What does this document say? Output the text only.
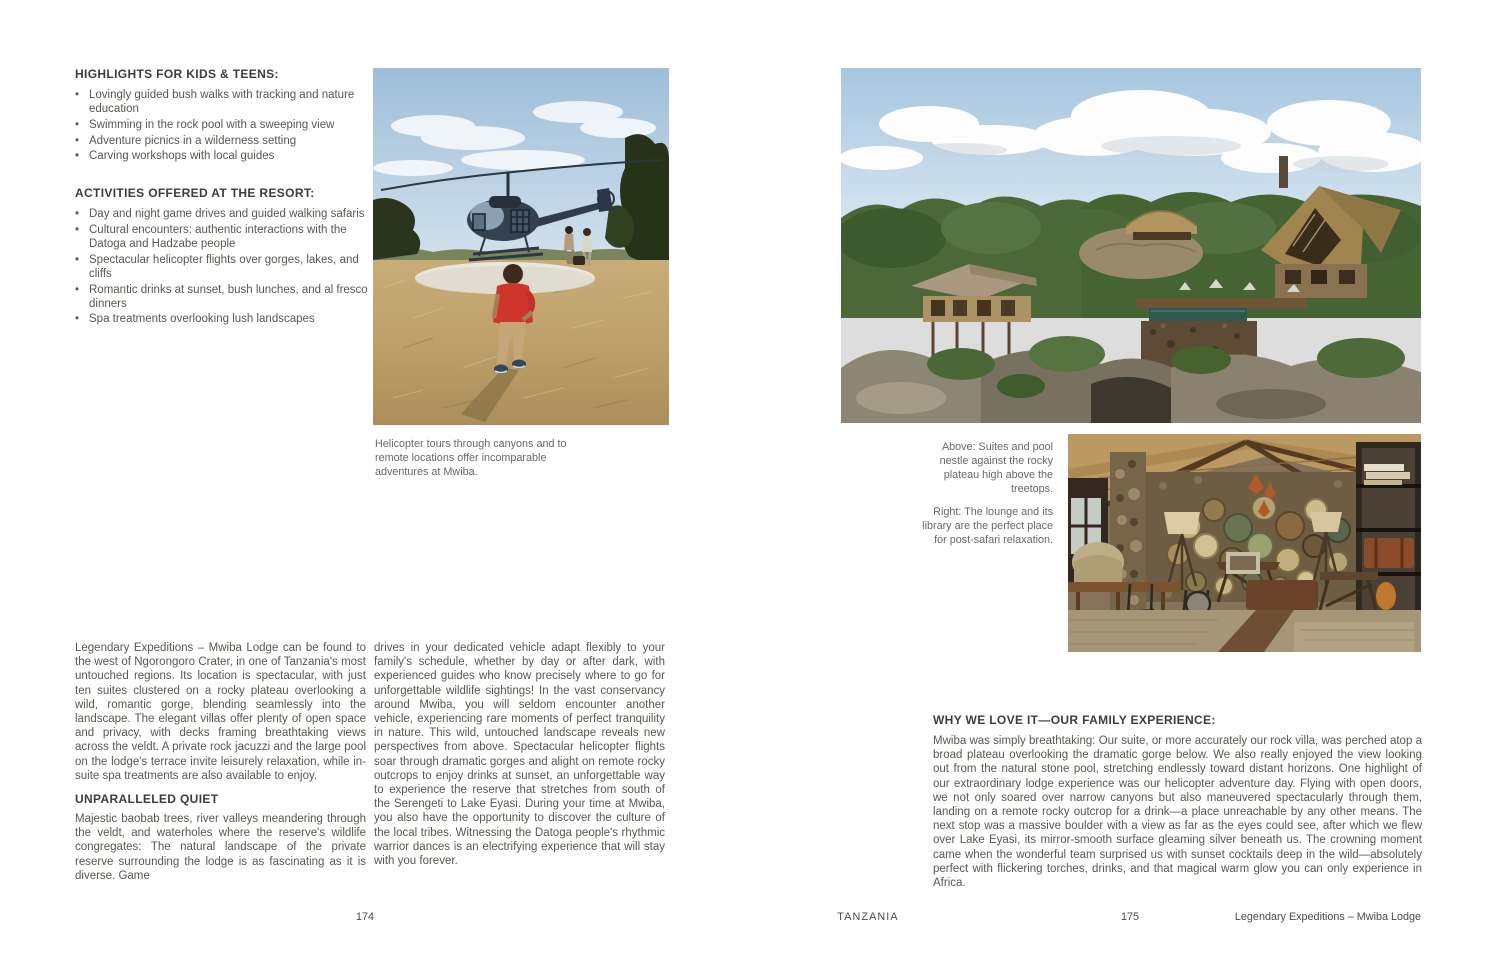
HIGHLIGHTS FOR KIDS & TEENS:
• Lovingly guided bush walks with tracking and nature education
• Swimming in the rock pool with a sweeping view
• Adventure picnics in a wilderness setting
• Carving workshops with local guides
ACTIVITIES OFFERED AT THE RESORT:
• Day and night game drives and guided walking safaris
• Cultural encounters: authentic interactions with the Datoga and Hadzabe people
• Spectacular helicopter flights over gorges, lakes, and cliffs
• Romantic drinks at sunset, bush lunches, and al fresco dinners
• Spa treatments overlooking lush landscapes
Helicopter tours through canyons and to remote locations offer incomparable adventures at Mwiba.

Legendary Expeditions – Mwiba Lodge can be found to the west of Ngorongoro Crater, in one of Tanzania's most untouched regions. Its location is spectacular, with just ten suites clustered on a rocky plateau overlooking a wild, romantic gorge, blending seamlessly into the landscape. The elegant villas offer plenty of open space and privacy, with decks framing breathtaking views across the veldt. A private rock jacuzzi and the large pool on the lodge's terrace invite leisurely relaxation, while in-suite spa treatments are also available to enjoy.

UNPARALLELED QUIET

Majestic baobab trees, river valleys meandering through the veldt, and waterholes where the reserve's wildlife congregates: The natural landscape of the private reserve surrounding the lodge is as fascinating as it is diverse. Game

drives in your dedicated vehicle adapt flexibly to your family's schedule, whether by day or after dark, with experienced guides who know precisely where to go for unforgettable wildlife sightings! In the vast conservancy around Mwiba, you will seldom encounter another vehicle, experiencing rare moments of perfect tranquility in nature. This wild, untouched landscape reveals new perspectives from above. Spectacular helicopter flights soar through dramatic gorges and alight on remote rocky outcrops to enjoy drinks at sunset, an unforgettable way to experience the reserve that stretches from south of the Serengeti to Lake Eyasi. During your time at Mwiba, you also have the opportunity to discover the culture of the local tribes. Witnessing the Datoga people's rhythmic warrior dances is an electrifying experience that will stay with you forever.

Above: Suites and pool nestle against the rocky plateau high above the treetops.

Right: The lounge and its library are the perfect place for post-safari relaxation.

WHY WE LOVE IT—OUR FAMILY EXPERIENCE:

Mwiba was simply breathtaking: Our suite, or more accurately our rock villa, was perched atop a broad plateau overlooking the dramatic gorge below. We also really enjoyed the view looking out from the natural stone pool, stretching endlessly toward distant horizons. One highlight of our extraordinary lodge experience was our helicopter adventure day. Flying with open doors, we not only soared over narrow canyons but also maneuvered spectacularly through them, landing on a remote rocky outcrop for a drink—a place unreachable by any other means. The next stop was a massive boulder with a view as far as the eyes could see, after which we flew over Lake Eyasi, its mirror-smooth surface gleaming silver beneath us. The crowning moment came when the wonderful team surprised us with sunset cocktails deep in the wild—absolutely perfect with flickering torches, drinks, and that magical warm glow you can only experience in Africa.

174	TANZANIA	175	Legendary Expeditions – Mwiba Lodge
